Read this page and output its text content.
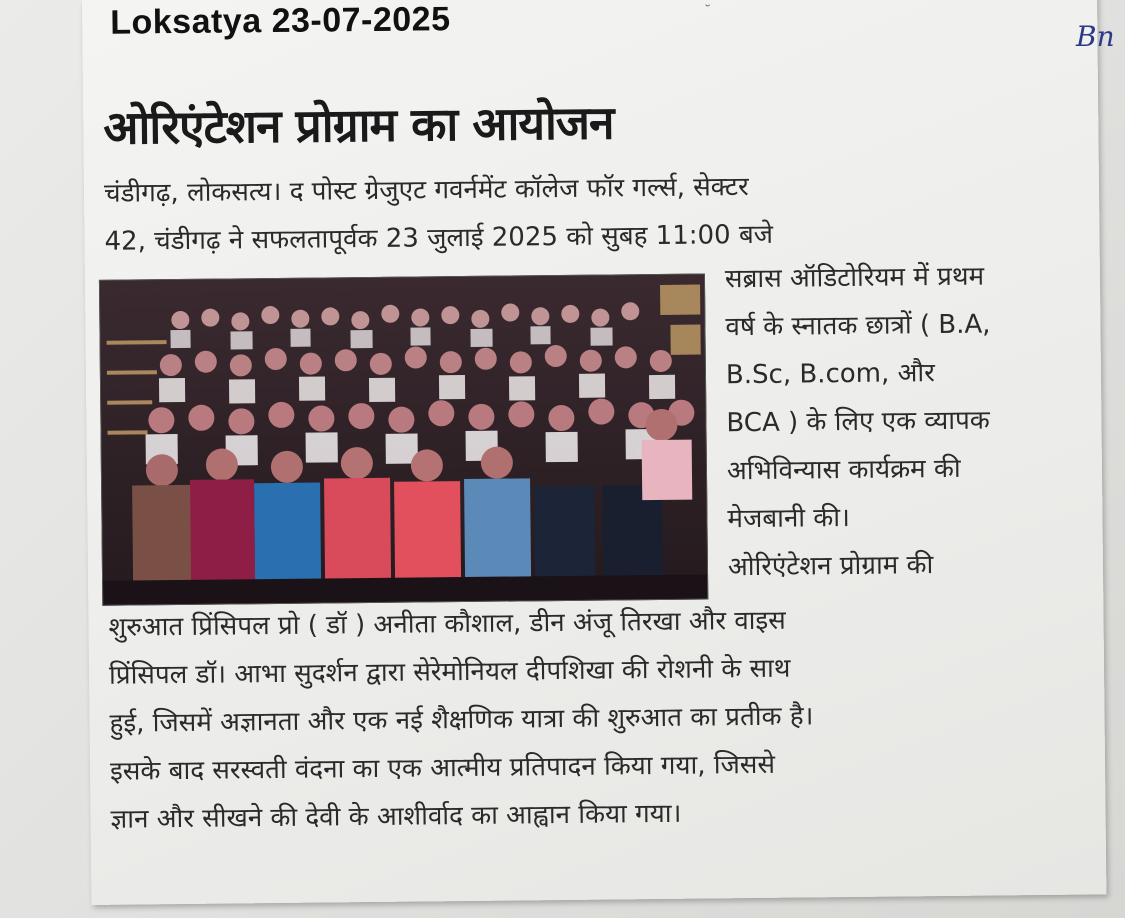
Loksatya 23-07-2025	˘
ओरिएंटेशन प्रोग्राम का आयोजन

चंडीगढ़, लोकसत्य। द पोस्ट ग्रेजुएट गवर्नमेंट कॉलेज फॉर गर्ल्स, सेक्टर

42, चंडीगढ़ ने सफलतापूर्वक 23 जुलाई 2025 को सुबह 11:00 बजे

सब्रास ऑडिटोरियम में प्रथम

वर्ष के स्नातक छात्रों ( B.A,

B.Sc, B.com, और

BCA ) के लिए एक व्यापक

अभिविन्यास कार्यक्रम की

मेजबानी की।

ओरिएंटेशन प्रोग्राम की

शुरुआत प्रिंसिपल प्रो ( डॉ ) अनीता कौशाल, डीन अंजू तिरखा और वाइस

प्रिंसिपल डॉ। आभा सुदर्शन द्वारा सेरेमोनियल दीपशिखा की रोशनी के साथ

हुई, जिसमें अज्ञानता और एक नई शैक्षणिक यात्रा की शुरुआत का प्रतीक है।

इसके बाद सरस्वती वंदना का एक आत्मीय प्रतिपादन किया गया, जिससे

ज्ञान और सीखने की देवी के आशीर्वाद का आह्वान किया गया।

Bn
